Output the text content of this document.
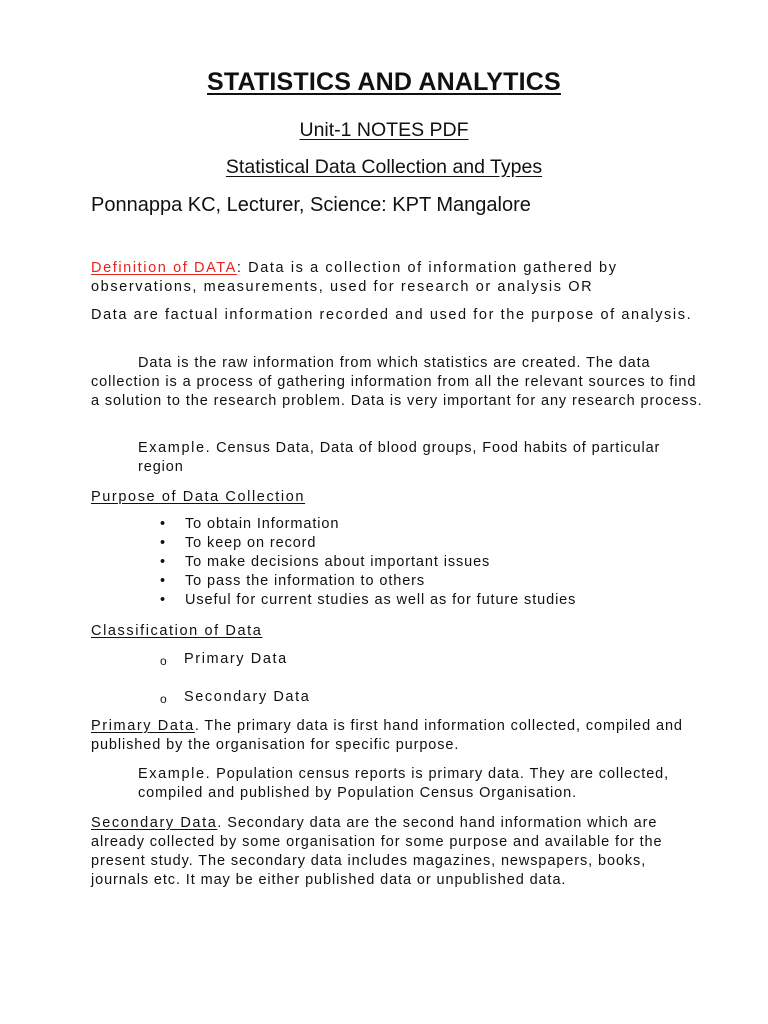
STATISTICS AND ANALYTICS
Unit-1 NOTES PDF
Statistical Data Collection and Types
Ponnappa KC, Lecturer, Science: KPT Mangalore

Definition of DATA: Data is a collection of information gathered by observations, measurements, used for research or analysis OR

Data are factual information recorded and used for the purpose of analysis.

Data is the raw information from which statistics are created. The data collection is a process of gathering information from all the relevant sources to find a solution to the research problem. Data is very important for any research process.

Example. Census Data, Data of blood groups, Food habits of particular region

Purpose of Data Collection

• To obtain Information
• To keep on record
• To make decisions about important issues
• To pass the information to others
• Useful for current studies as well as for future studies

Classification of Data

o Primary Data
o Secondary Data

Primary Data. The primary data is first hand information collected, compiled and published by the organisation for specific purpose.

Example. Population census reports is primary data. They are collected, compiled and published by Population Census Organisation.

Secondary Data. Secondary data are the second hand information which are already collected by some organisation for some purpose and available for the present study. The secondary data includes magazines, newspapers, books, journals etc. It may be either published data or unpublished data.
